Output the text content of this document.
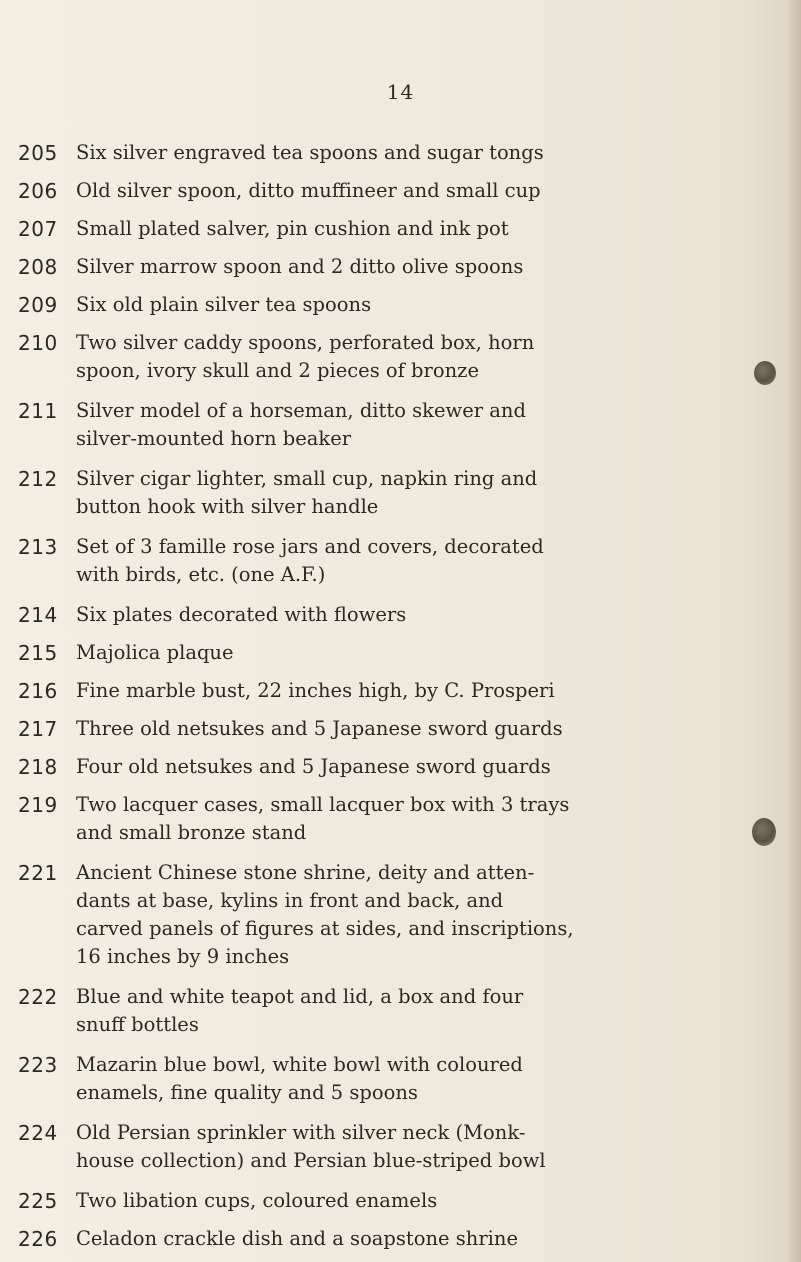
14
205 Six silver engraved tea spoons and sugar tongs
206 Old silver spoon, ditto muffineer and small cup
207 Small plated salver, pin cushion and ink pot
208 Silver marrow spoon and 2 ditto olive spoons
209 Six old plain silver tea spoons
210 Two silver caddy spoons, perforated box, horn
spoon, ivory skull and 2 pieces of bronze
211 Silver model of a horseman, ditto skewer and
silver-mounted horn beaker
212 Silver cigar lighter, small cup, napkin ring and
button hook with silver handle
213 Set of 3 famille rose jars and covers, decorated
with birds, etc. (one A.F.)
214 Six plates decorated with flowers
215 Majolica plaque
216 Fine marble bust, 22 inches high, by C. Prosperi
217 Three old netsukes and 5 Japanese sword guards
218 Four old netsukes and 5 Japanese sword guards
219 Two lacquer cases, small lacquer box with 3 trays
and small bronze stand
221 Ancient Chinese stone shrine, deity and atten-
dants at base, kylins in front and back, and
carved panels of figures at sides, and inscriptions,
16 inches by 9 inches
222 Blue and white teapot and lid, a box and four
snuff bottles
223 Mazarin blue bowl, white bowl with coloured
enamels, fine quality and 5 spoons
224 Old Persian sprinkler with silver neck (Monk-
house collection) and Persian blue-striped bowl
225 Two libation cups, coloured enamels
226 Celadon crackle dish and a soapstone shrine
